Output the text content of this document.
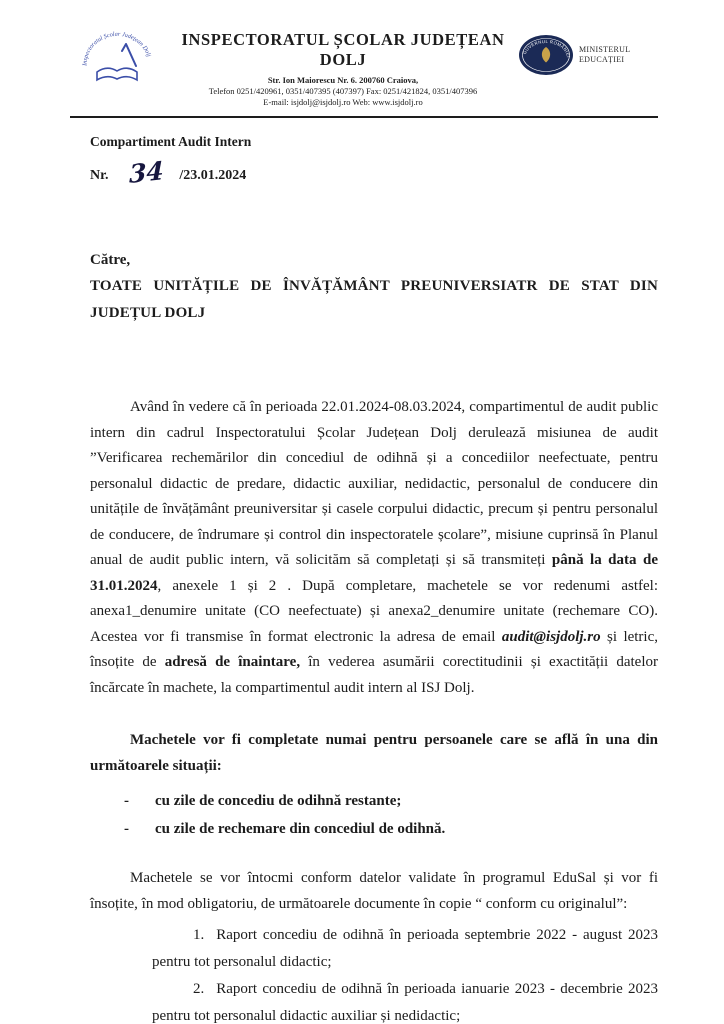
Inspectoratul Școlar Județean Dolj
INSPECTORATUL ȘCOLAR JUDEȚEAN DOLJ
Str. Ion Maiorescu Nr. 6. 200760 Craiova,
Telefon 0251/420961, 0351/407395 (407397) Fax: 0251/421824, 0351/407396
E-mail: isjdolj@isjdolj.ro Web: www.isjdolj.ro
GUVERNUL ROMÂNIEI
MINISTERUL
EDUCAȚIEI
Compartiment Audit Intern
Nr. 34 /23.01.2024
Către,
TOATE UNITĂȚILE DE ÎNVĂȚĂMÂNT PREUNIVERSIATR DE STAT DIN
JUDEȚUL DOLJ

Având în vedere că în perioada 22.01.2024-08.03.2024, compartimentul de audit public intern din cadrul Inspectoratului Școlar Județean Dolj derulează misiunea de audit ”Verificarea rechemărilor din concediul de odihnă și a concediilor neefectuate, pentru personalul didactic de predare, didactic auxiliar, nedidactic, personalul de conducere din unitățile de învățământ preuniversitar și casele corpului didactic, precum și pentru personalul de conducere, de îndrumare și control din inspectoratele școlare”, misiune cuprinsă în Planul anual de audit public intern, vă solicităm să completați și să transmiteți până la data de 31.01.2024, anexele 1 și 2 . După completare, machetele se vor redenumi astfel: anexa1_denumire unitate (CO neefectuate) și anexa2_denumire unitate (rechemare CO). Acestea vor fi transmise în format electronic la adresa de email audit@isjdolj.ro și letric, însoțite de adresă de înaintare, în vederea asumării corectitudinii și exactității datelor încărcate în machete, la compartimentul audit intern al ISJ Dolj.

Machetele vor fi completate numai pentru persoanele care se află în una din următoarele situații:

- cu zile de concediu de odihnă restante;
- cu zile de rechemare din concediul de odihnă.

Machetele se vor întocmi conform datelor validate în programul EduSal și vor fi însoțite, în mod obligatoriu, de următoarele documente în copie “ conform cu originalul”:

1. Raport concediu de odihnă în perioada septembrie 2022 - august 2023 pentru tot personalul didactic;

2. Raport concediu de odihnă în perioada ianuarie 2023 - decembrie 2023 pentru tot personalul didactic auxiliar și nedidactic;
